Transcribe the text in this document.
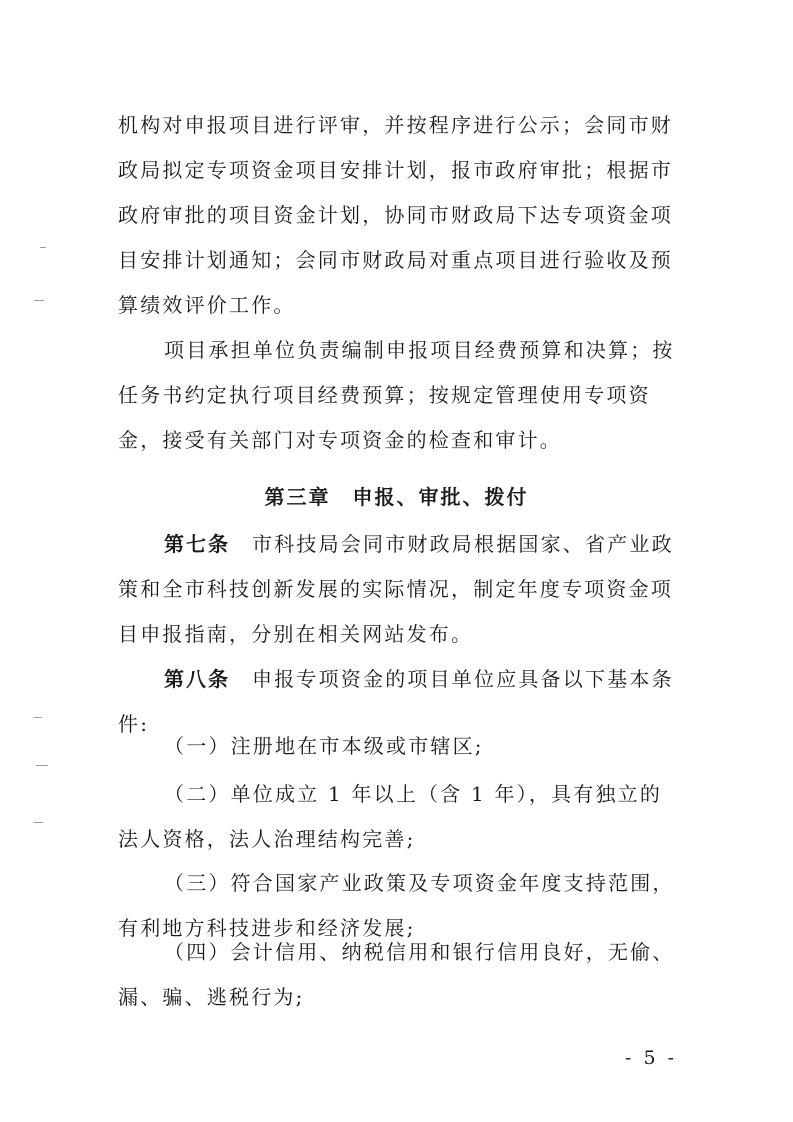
机构对申报项目进行评审，并按程序进行公示；会同市财政局拟定专项资金项目安排计划，报市政府审批；根据市政府审批的项目资金计划，协同市财政局下达专项资金项目安排计划通知；会同市财政局对重点项目进行验收及预算绩效评价工作。

项目承担单位负责编制申报项目经费预算和决算；按任务书约定执行项目经费预算；按规定管理使用专项资金，接受有关部门对专项资金的检查和审计。

第三章 申报、审批、拨付

第七条 市科技局会同市财政局根据国家、省产业政策和全市科技创新发展的实际情况，制定年度专项资金项目申报指南，分别在相关网站发布。

第八条 申报专项资金的项目单位应具备以下基本条件:

（一）注册地在市本级或市辖区;

（二）单位成立 1 年以上（含 1 年），具有独立的法人资格，法人治理结构完善;

（三）符合国家产业政策及专项资金年度支持范围，有利地方科技进步和经济发展;

（四）会计信用、纳税信用和银行信用良好，无偷、漏、骗、逃税行为;

- 5 -
